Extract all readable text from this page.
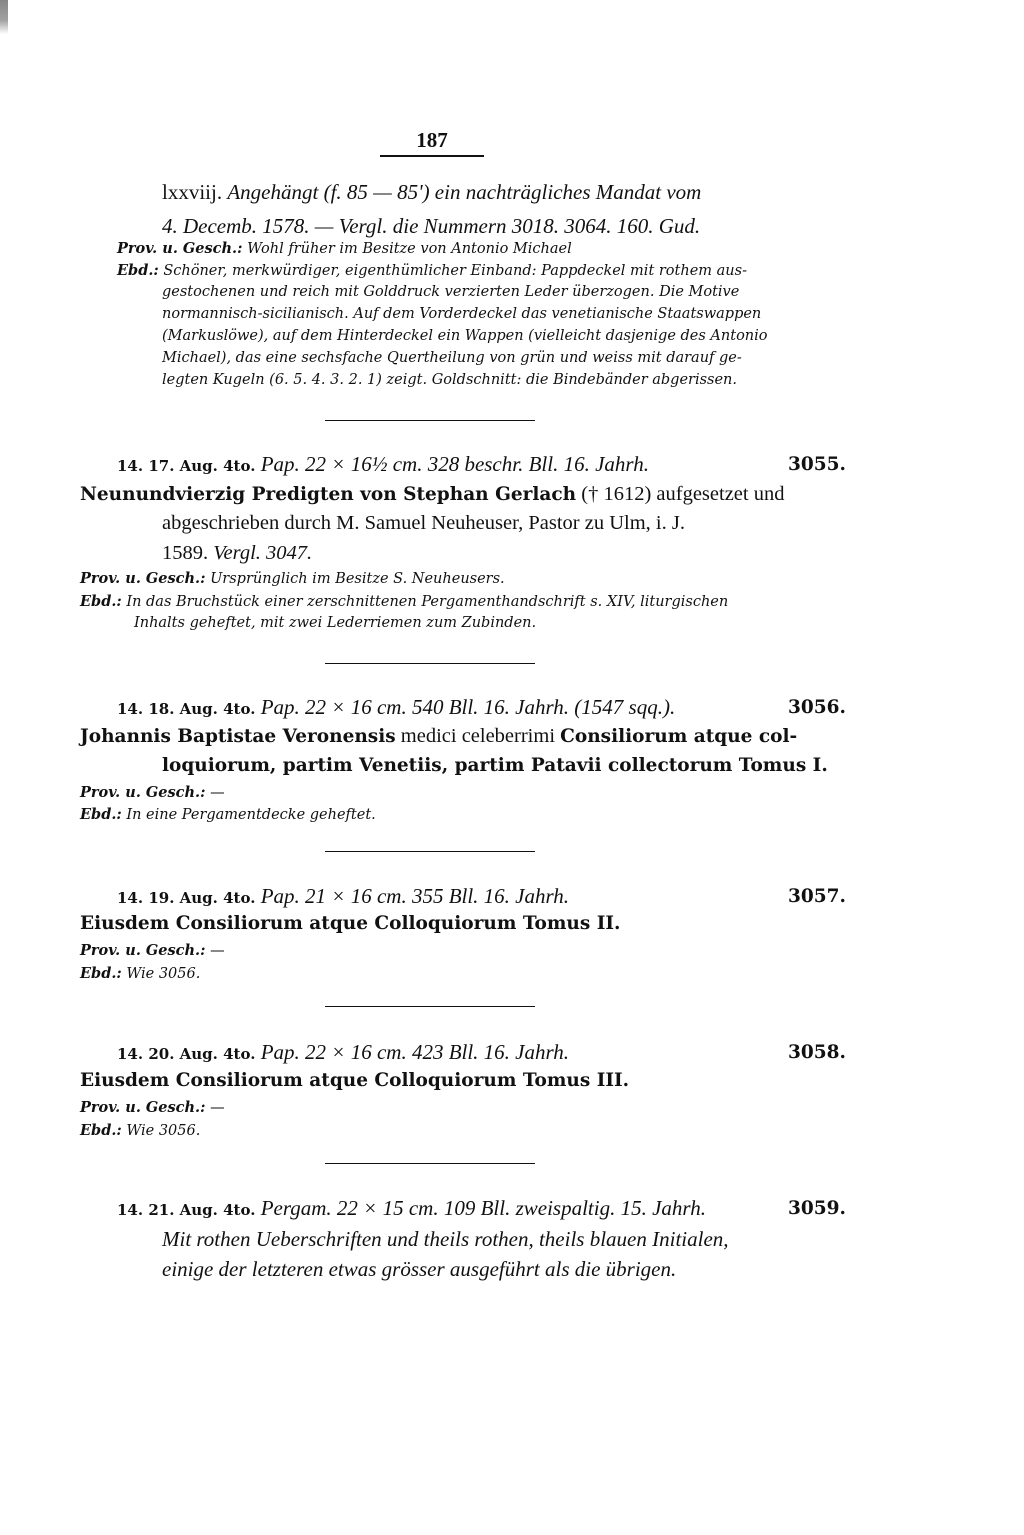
187
lxxviij. Angehängt (f. 85 — 85') ein nachträgliches Mandat vom
4. Decemb. 1578. — Vergl. die Nummern 3018. 3064. 160. Gud.
Prov. u. Gesch.: Wohl früher im Besitze von Antonio Michael
Ebd.: Schöner, merkwürdiger, eigenthümlicher Einband: Pappdeckel mit rothem aus-
gestochenen und reich mit Golddruck verzierten Leder überzogen. Die Motive
normannisch-sicilianisch. Auf dem Vorderdeckel das venetianische Staatswappen
(Markuslöwe), auf dem Hinterdeckel ein Wappen (vielleicht dasjenige des Antonio
Michael), das eine sechsfache Quertheilung von grün und weiss mit darauf ge-
legten Kugeln (6. 5. 4. 3. 2. 1) zeigt. Goldschnitt: die Bindebänder abgerissen.
14. 17. Aug. 4to. Pap. 22 × 16½ cm. 328 beschr. Bll. 16. Jahrh.	3055.
Neunundvierzig Predigten von Stephan Gerlach († 1612) aufgesetzet und
abgeschrieben durch M. Samuel Neuheuser, Pastor zu Ulm, i. J.
1589. Vergl. 3047.
Prov. u. Gesch.: Ursprünglich im Besitze S. Neuheusers.
Ebd.: In das Bruchstück einer zerschnittenen Pergamenthandschrift s. XIV, liturgischen
Inhalts geheftet, mit zwei Lederriemen zum Zubinden.
14. 18. Aug. 4to. Pap. 22 × 16 cm. 540 Bll. 16. Jahrh. (1547 sqq.).	3056.
Johannis Baptistae Veronensis medici celeberrimi Consiliorum atque col-
loquiorum, partim Venetiis, partim Patavii collectorum Tomus I.
Prov. u. Gesch.: —
Ebd.: In eine Pergamentdecke geheftet.
14. 19. Aug. 4to. Pap. 21 × 16 cm. 355 Bll. 16. Jahrh.	3057.
Eiusdem Consiliorum atque Colloquiorum Tomus II.
Prov. u. Gesch.: —
Ebd.: Wie 3056.
14. 20. Aug. 4to. Pap. 22 × 16 cm. 423 Bll. 16. Jahrh.	3058.
Eiusdem Consiliorum atque Colloquiorum Tomus III.
Prov. u. Gesch.: —
Ebd.: Wie 3056.
14. 21. Aug. 4to. Pergam. 22 × 15 cm. 109 Bll. zweispaltig. 15. Jahrh.	3059.
Mit rothen Ueberschriften und theils rothen, theils blauen Initialen,
einige der letzteren etwas grösser ausgeführt als die übrigen.
